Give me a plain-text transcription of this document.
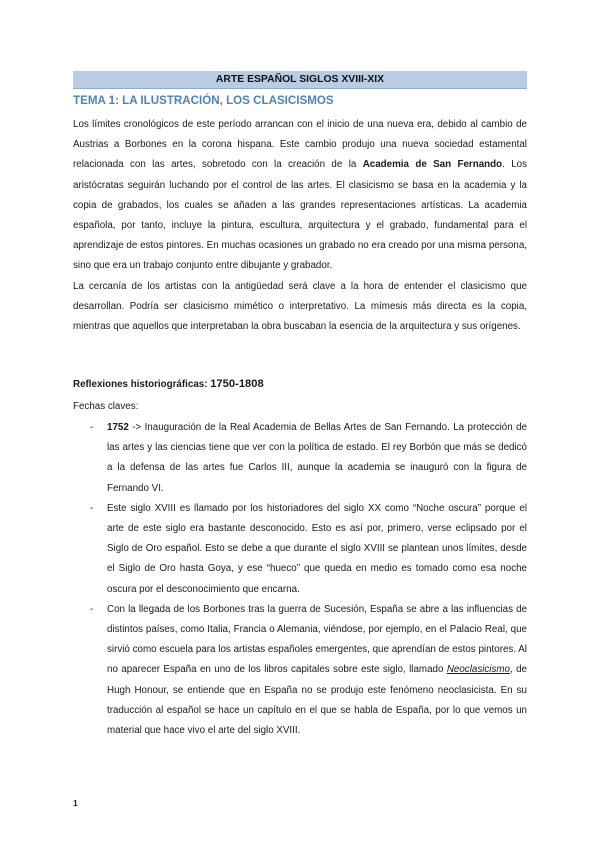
ARTE ESPAÑOL SIGLOS XVIII-XIX
TEMA 1: LA ILUSTRACIÓN, LOS CLASICISMOS

Los límites cronológicos de este período arrancan con el inicio de una nueva era, debido al cambio de Austrias a Borbones en la corona hispana. Este cambio produjo una nueva sociedad estamental relacionada con las artes, sobretodo con la creación de la Academia de San Fernando. Los aristócratas seguirán luchando por el control de las artes. El clasicismo se basa en la academia y la copia de grabados, los cuales se añaden a las grandes representaciones artísticas. La academia española, por tanto, incluye la pintura, escultura, arquitectura y el grabado, fundamental para el aprendizaje de estos pintores. En muchas ocasiones un grabado no era creado por una misma persona, sino que era un trabajo conjunto entre dibujante y grabador.

La cercanía de los artistas con la antigüedad será clave a la hora de entender el clasicismo que desarrollan. Podría ser clasicismo mimético o interpretativo. La mímesis más directa es la copia, mientras que aquellos que interpretaban la obra buscaban la esencia de la arquitectura y sus orígenes.

Reflexiones historiográficas: 1750-1808
Fechas claves:
- 1752 -> Inauguración de la Real Academia de Bellas Artes de San Fernando. La protección de las artes y las ciencias tiene que ver con la política de estado. El rey Borbón que más se dedicó a la defensa de las artes fue Carlos III, aunque la academia se inauguró con la figura de Fernando VI.
- Este siglo XVIII es llamado por los historiadores del siglo XX como “Noche oscura” porque el arte de este siglo era bastante desconocido. Esto es así por, primero, verse eclipsado por el Siglo de Oro español. Esto se debe a que durante el siglo XVIII se plantean unos límites, desde el Siglo de Oro hasta Goya, y ese “hueco” que queda en medio es tomado como esa noche oscura por el desconocimiento que encarna.
- Con la llegada de los Borbones tras la guerra de Sucesión, España se abre a las influencias de distintos países, como Italia, Francia o Alemania, viéndose, por ejemplo, en el Palacio Real, que sirvió como escuela para los artistas españoles emergentes, que aprendían de estos pintores. Al no aparecer España en uno de los libros capitales sobre este siglo, llamado Neoclasicismo, de Hugh Honour, se entiende que en España no se produjo este fenómeno neoclasicista. En su traducción al español se hace un capítulo en el que se habla de España, por lo que vemos un material que hace vivo el arte del siglo XVIII.
1
